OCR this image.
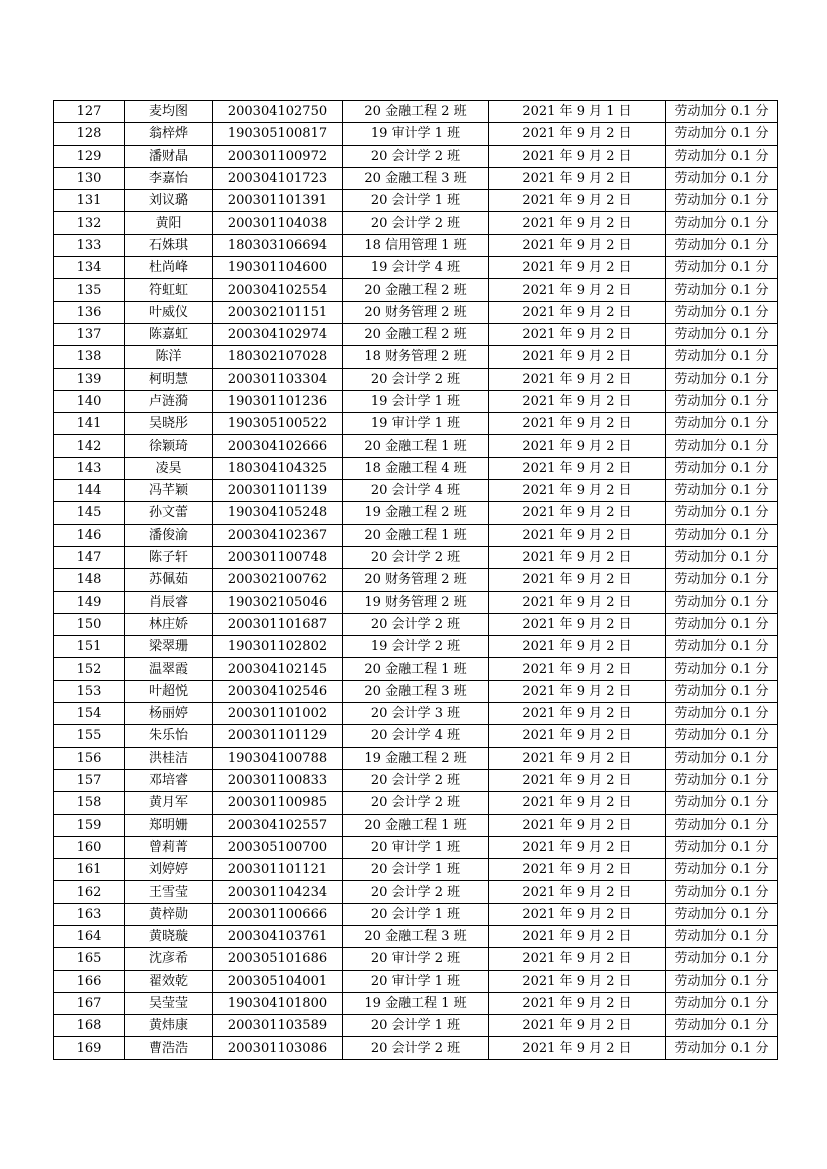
127	麦均图	200304102750	20 金融工程 2 班	2021 年 9 月 1 日	劳动加分 0.1 分
128	翁梓烨	190305100817	19 审计学 1 班	2021 年 9 月 2 日	劳动加分 0.1 分
129	潘财晶	200301100972	20 会计学 2 班	2021 年 9 月 2 日	劳动加分 0.1 分
130	李嘉怡	200304101723	20 金融工程 3 班	2021 年 9 月 2 日	劳动加分 0.1 分
131	刘议璐	200301101391	20 会计学 1 班	2021 年 9 月 2 日	劳动加分 0.1 分
132	黄阳	200301104038	20 会计学 2 班	2021 年 9 月 2 日	劳动加分 0.1 分
133	石姝琪	180303106694	18 信用管理 1 班	2021 年 9 月 2 日	劳动加分 0.1 分
134	杜尚峰	190301104600	19 会计学 4 班	2021 年 9 月 2 日	劳动加分 0.1 分
135	符虹虹	200304102554	20 金融工程 2 班	2021 年 9 月 2 日	劳动加分 0.1 分
136	叶威仪	200302101151	20 财务管理 2 班	2021 年 9 月 2 日	劳动加分 0.1 分
137	陈嘉虹	200304102974	20 金融工程 2 班	2021 年 9 月 2 日	劳动加分 0.1 分
138	陈洋	180302107028	18 财务管理 2 班	2021 年 9 月 2 日	劳动加分 0.1 分
139	柯明慧	200301103304	20 会计学 2 班	2021 年 9 月 2 日	劳动加分 0.1 分
140	卢涟漪	190301101236	19 会计学 1 班	2021 年 9 月 2 日	劳动加分 0.1 分
141	吴晓彤	190305100522	19 审计学 1 班	2021 年 9 月 2 日	劳动加分 0.1 分
142	徐颖琦	200304102666	20 金融工程 1 班	2021 年 9 月 2 日	劳动加分 0.1 分
143	凌昊	180304104325	18 金融工程 4 班	2021 年 9 月 2 日	劳动加分 0.1 分
144	冯芊颖	200301101139	20 会计学 4 班	2021 年 9 月 2 日	劳动加分 0.1 分
145	孙文蕾	190304105248	19 金融工程 2 班	2021 年 9 月 2 日	劳动加分 0.1 分
146	潘俊渝	200304102367	20 金融工程 1 班	2021 年 9 月 2 日	劳动加分 0.1 分
147	陈子轩	200301100748	20 会计学 2 班	2021 年 9 月 2 日	劳动加分 0.1 分
148	苏佩茹	200302100762	20 财务管理 2 班	2021 年 9 月 2 日	劳动加分 0.1 分
149	肖辰睿	190302105046	19 财务管理 2 班	2021 年 9 月 2 日	劳动加分 0.1 分
150	林庄娇	200301101687	20 会计学 2 班	2021 年 9 月 2 日	劳动加分 0.1 分
151	梁翠珊	190301102802	19 会计学 2 班	2021 年 9 月 2 日	劳动加分 0.1 分
152	温翠霞	200304102145	20 金融工程 1 班	2021 年 9 月 2 日	劳动加分 0.1 分
153	叶超悦	200304102546	20 金融工程 3 班	2021 年 9 月 2 日	劳动加分 0.1 分
154	杨丽婷	200301101002	20 会计学 3 班	2021 年 9 月 2 日	劳动加分 0.1 分
155	朱乐怡	200301101129	20 会计学 4 班	2021 年 9 月 2 日	劳动加分 0.1 分
156	洪桂洁	190304100788	19 金融工程 2 班	2021 年 9 月 2 日	劳动加分 0.1 分
157	邓培睿	200301100833	20 会计学 2 班	2021 年 9 月 2 日	劳动加分 0.1 分
158	黄月军	200301100985	20 会计学 2 班	2021 年 9 月 2 日	劳动加分 0.1 分
159	郑明姗	200304102557	20 金融工程 1 班	2021 年 9 月 2 日	劳动加分 0.1 分
160	曾莉菁	200305100700	20 审计学 1 班	2021 年 9 月 2 日	劳动加分 0.1 分
161	刘婷婷	200301101121	20 会计学 1 班	2021 年 9 月 2 日	劳动加分 0.1 分
162	王雪莹	200301104234	20 会计学 2 班	2021 年 9 月 2 日	劳动加分 0.1 分
163	黄梓勋	200301100666	20 会计学 1 班	2021 年 9 月 2 日	劳动加分 0.1 分
164	黄晓璇	200304103761	20 金融工程 3 班	2021 年 9 月 2 日	劳动加分 0.1 分
165	沈彦希	200305101686	20 审计学 2 班	2021 年 9 月 2 日	劳动加分 0.1 分
166	翟效乾	200305104001	20 审计学 1 班	2021 年 9 月 2 日	劳动加分 0.1 分
167	吴莹莹	190304101800	19 金融工程 1 班	2021 年 9 月 2 日	劳动加分 0.1 分
168	黄炜康	200301103589	20 会计学 1 班	2021 年 9 月 2 日	劳动加分 0.1 分
169	曹浩浩	200301103086	20 会计学 2 班	2021 年 9 月 2 日	劳动加分 0.1 分
